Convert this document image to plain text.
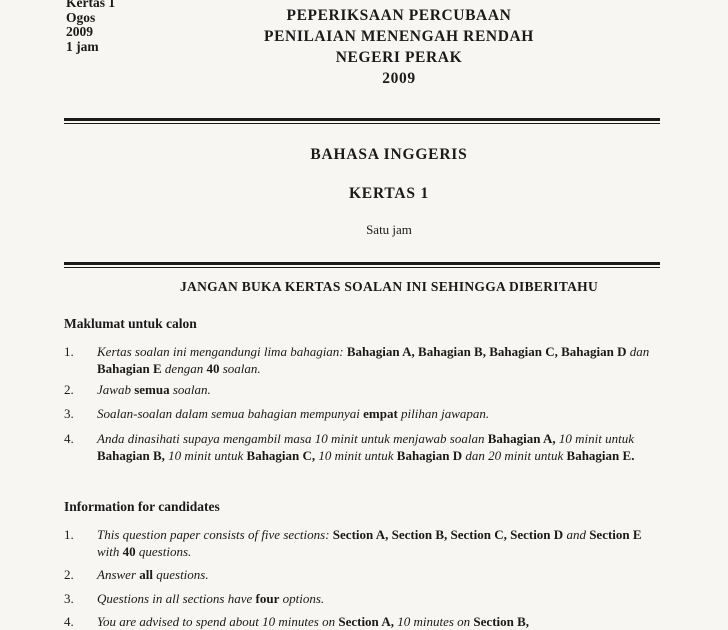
Kertas 1
Ogos
2009
1 jam
PEPERIKSAAN PERCUBAAN
PENILAIAN MENENGAH RENDAH
NEGERI PERAK
2009
BAHASA INGGERIS
KERTAS 1
Satu jam
JANGAN BUKA KERTAS SOALAN INI SEHINGGA DIBERITAHU
Maklumat untuk calon
1. Kertas soalan ini mengandungi lima bahagian: Bahagian A, Bahagian B, Bahagian C, Bahagian D dan Bahagian E dengan 40 soalan.
2. Jawab semua soalan.
3. Soalan-soalan dalam semua bahagian mempunyai empat pilihan jawapan.
4. Anda dinasihati supaya mengambil masa 10 minit untuk menjawab soalan Bahagian A, 10 minit untuk Bahagian B, 10 minit untuk Bahagian C, 10 minit untuk Bahagian D dan 20 minit untuk Bahagian E.
Information for candidates
1. This question paper consists of five sections: Section A, Section B, Section C, Section D and Section E with 40 questions.
2. Answer all questions.
3. Questions in all sections have four options.
4. You are advised to spend about 10 minutes on Section A, 10 minutes on Section B,
